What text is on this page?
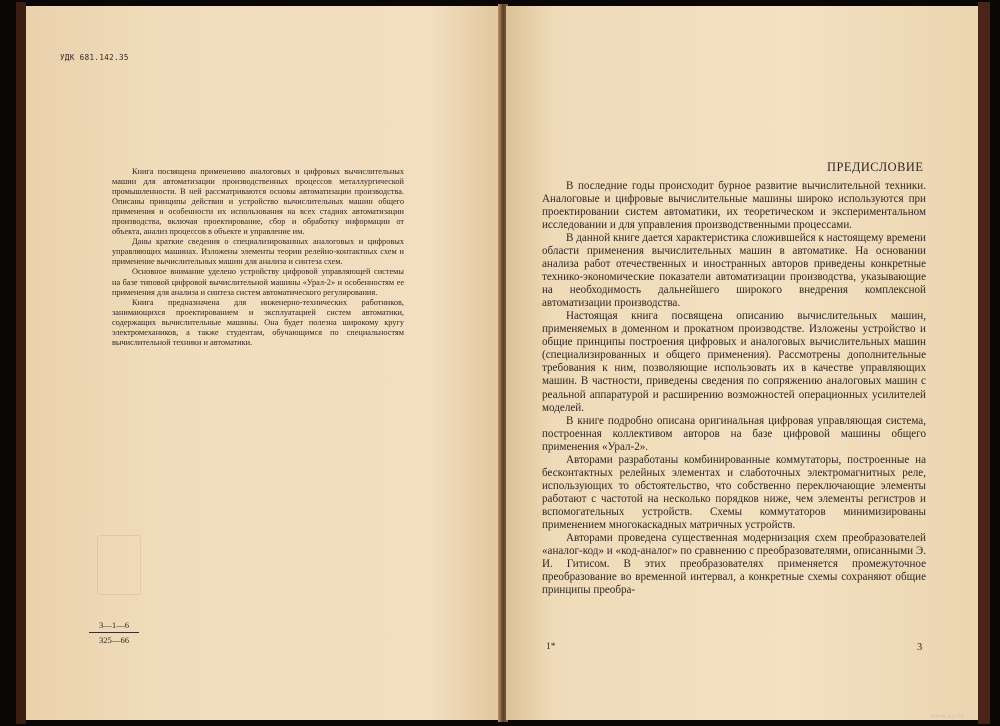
УДК 681.142.35

Книга посвящена применению аналоговых и цифровых вычислительных машин для автоматизации производственных процессов металлургической промышленности. В ней рассматриваются основы автоматизации производства. Описаны принципы действия и устройство вычислительных машин общего применения и особенности их использования на всех стадиях автоматизации производства, включая проектирование, сбор и обработку информации от объекта, анализ процессов в объекте и управление им.

Даны краткие сведения о специализированных аналоговых и цифровых управляющих машинах. Изложены элементы теории релейно-контактных схем и применение вычислительных машин для анализа и синтеза схем.

Основное внимание уделено устройству цифровой управляющей системы на базе типовой цифровой вычислительной машины «Урал-2» и особенностям ее применения для анализа и синтеза систем автоматического регулирования.

Книга предназначена для инженерно-технических работников, занимающихся проектированием и эксплуатацией систем автоматики, содержащих вычислительные машины. Она будет полезна широкому кругу электромехаников, а также студентам, обучающимся по специальностям вычислительной техники и автоматики.

3—1—6
325—66
ПРЕДИСЛОВИЕ

В последние годы происходит бурное развитие вычислительной техники. Аналоговые и цифровые вычислительные машины широко используются при проектировании систем автоматики, их теоретическом и экспериментальном исследовании и для управления производственными процессами.

В данной книге дается характеристика сложившейся к настоящему времени области применения вычислительных машин в автоматике. На основании анализа работ отечественных и иностранных авторов приведены конкретные технико-экономические показатели автоматизации производства, указывающие на необходимость дальнейшего широкого внедрения комплексной автоматизации производства.

Настоящая книга посвящена описанию вычислительных машин, применяемых в доменном и прокатном производстве. Изложены устройство и общие принципы построения цифровых и аналоговых вычислительных машин (специализированных и общего применения). Рассмотрены дополнительные требования к ним, позволяющие использовать их в качестве управляющих машин. В частности, приведены сведения по сопряжению аналоговых машин с реальной аппаратурой и расширению возможностей операционных усилителей моделей.

В книге подробно описана оригинальная цифровая управляющая система, построенная коллективом авторов на базе цифровой машины общего применения «Урал-2».

Авторами разработаны комбинированные коммутаторы, построенные на бесконтактных релейных элементах и слаботочных электромагнитных реле, использующих то обстоятельство, что собственно переключающие элементы работают с частотой на несколько порядков ниже, чем элементы регистров и вспомогательных устройств. Схемы коммутаторов минимизированы применением многокаскадных матричных устройств.

Авторами проведена существенная модернизация схем преобразователей «аналог-код» и «код-аналог» по сравнению с преобразователями, описанными Э. И. Гитисом. В этих преобразователях применяется промежуточное преобразование во временной интервал, а конкретные схемы сохраняют общие принципы преобра-

1*	3
www.ay.by
